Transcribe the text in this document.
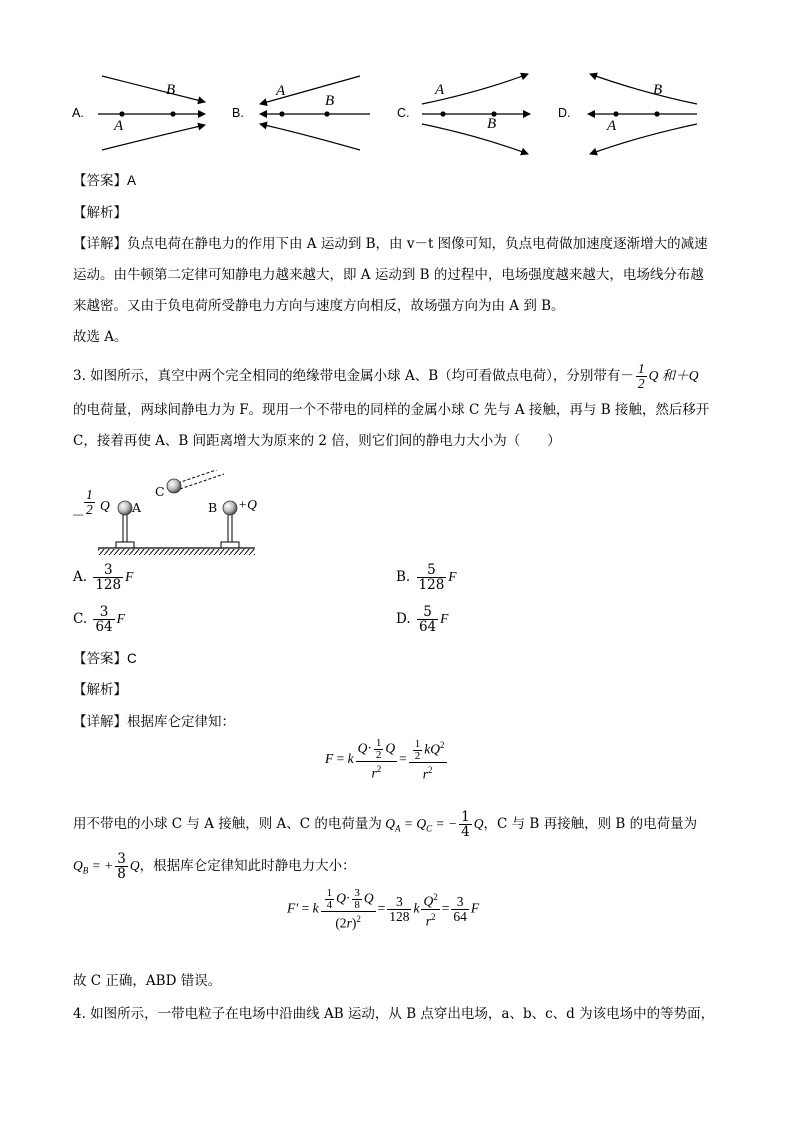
A.	B.	C.	D.
A
B	A
B
A
B	A
B
【答案】A
【解析】
【详解】负点电荷在静电力的作用下由 A 运动到 B，由 v－t 图像可知，负点电荷做加速度逐渐增大的减速
运动。由牛顿第二定律可知静电力越来越大，即 A 运动到 B 的过程中，电场强度越来越大，电场线分布越
来越密。又由于负电荷所受静电力方向与速度方向相反，故场强方向为由 A 到 B。
故选 A。
3. 如图所示，真空中两个完全相同的绝缘带电金属小球 A、B（均可看做点电荷），分别带有－ $\frac{1}{2}$ Q 和＋Q
的电荷量，两球间静电力为 F。现用一个不带电的同样的金属小球 C 先与 A 接触，再与 B 接触，然后移开
C，接着再使 A、B 间距离增大为原来的 2 倍，则它们间的静电力大小为（　　）
－ $\frac{1}{2}$ Q A	B +Q
C
A. $\frac{3}{128}$ F	B. $\frac{5}{128}$ F
C. $\frac{3}{64}$ F	D. $\frac{5}{64}$ F
【答案】C
【解析】
【详解】根据库仑定律知：
F = k $\frac{Q\cdot \frac{1}{2} Q}{r^2} = \frac{\frac{1}{2} kQ^2}{r^2}$
用不带电的小球 C 与 A 接触，则 A、C 的电荷量为 $Q_A = Q_C$ = − $\frac{1}{4}$ Q，C 与 B 再接触，则 B 的电荷量为
$Q_B$ = + $\frac{3}{8}$ Q，根据库仑定律知此时静电力大小：
F′ = k $\frac{\frac{1}{4} Q\cdot \frac{3}{8} Q}{(2r)^2} = \frac{3}{128}$ k $\frac{Q^2}{r^2} = \frac{3}{64}$ F
故 C 正确，ABD 错误。
4. 如图所示，一带电粒子在电场中沿曲线 AB 运动，从 B 点穿出电场，a、b、c、d 为该电场中的等势面，
